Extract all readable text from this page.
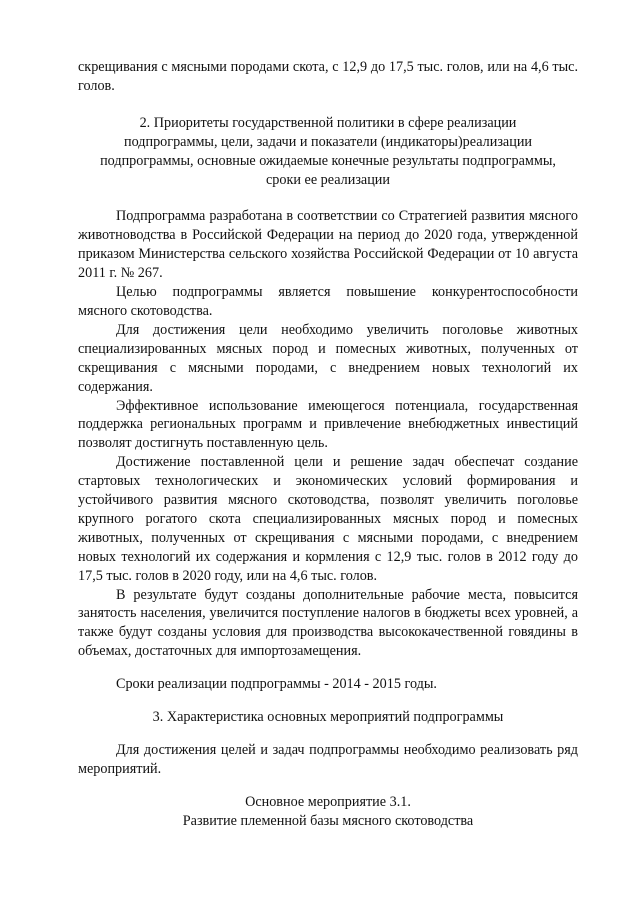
скрещивания с мясными породами скота, с 12,9 до 17,5 тыс. голов, или на 4,6 тыс. голов.

2. Приоритеты государственной политики в сфере реализации

подпрограммы, цели, задачи и показатели (индикаторы)реализации

подпрограммы, основные ожидаемые конечные результаты подпрограммы,

сроки ее реализации

Подпрограмма разработана в соответствии со Стратегией развития мясного животноводства в Российской Федерации на период до 2020 года, утвержденной приказом Министерства сельского хозяйства Российской Федерации от 10 августа 2011 г. № 267.

Целью подпрограммы является повышение конкурентоспособности мясного скотоводства.

Для достижения цели необходимо увеличить поголовье животных специализированных мясных пород и помесных животных, полученных от скрещивания с мясными породами, с внедрением новых технологий их содержания.

Эффективное использование имеющегося потенциала, государственная поддержка региональных программ и привлечение внебюджетных инвестиций позволят достигнуть поставленную цель.

Достижение поставленной цели и решение задач обеспечат создание стартовых технологических и экономических условий формирования и устойчивого развития мясного скотоводства, позволят увеличить поголовье крупного рогатого скота специализированных мясных пород и помесных животных, полученных от скрещивания с мясными породами, с внедрением новых технологий их содержания и кормления с 12,9 тыс. голов в 2012 году до 17,5 тыс. голов в 2020 году, или на 4,6 тыс. голов.

В результате будут созданы дополнительные рабочие места, повысится занятость населения, увеличится поступление налогов в бюджеты всех уровней, а также будут созданы условия для производства высококачественной говядины в объемах, достаточных для импортозамещения.

Сроки реализации подпрограммы - 2014 - 2015 годы.

3. Характеристика основных мероприятий подпрограммы

Для достижения целей и задач подпрограммы необходимо реализовать ряд мероприятий.

Основное мероприятие 3.1.

Развитие племенной базы мясного скотоводства
